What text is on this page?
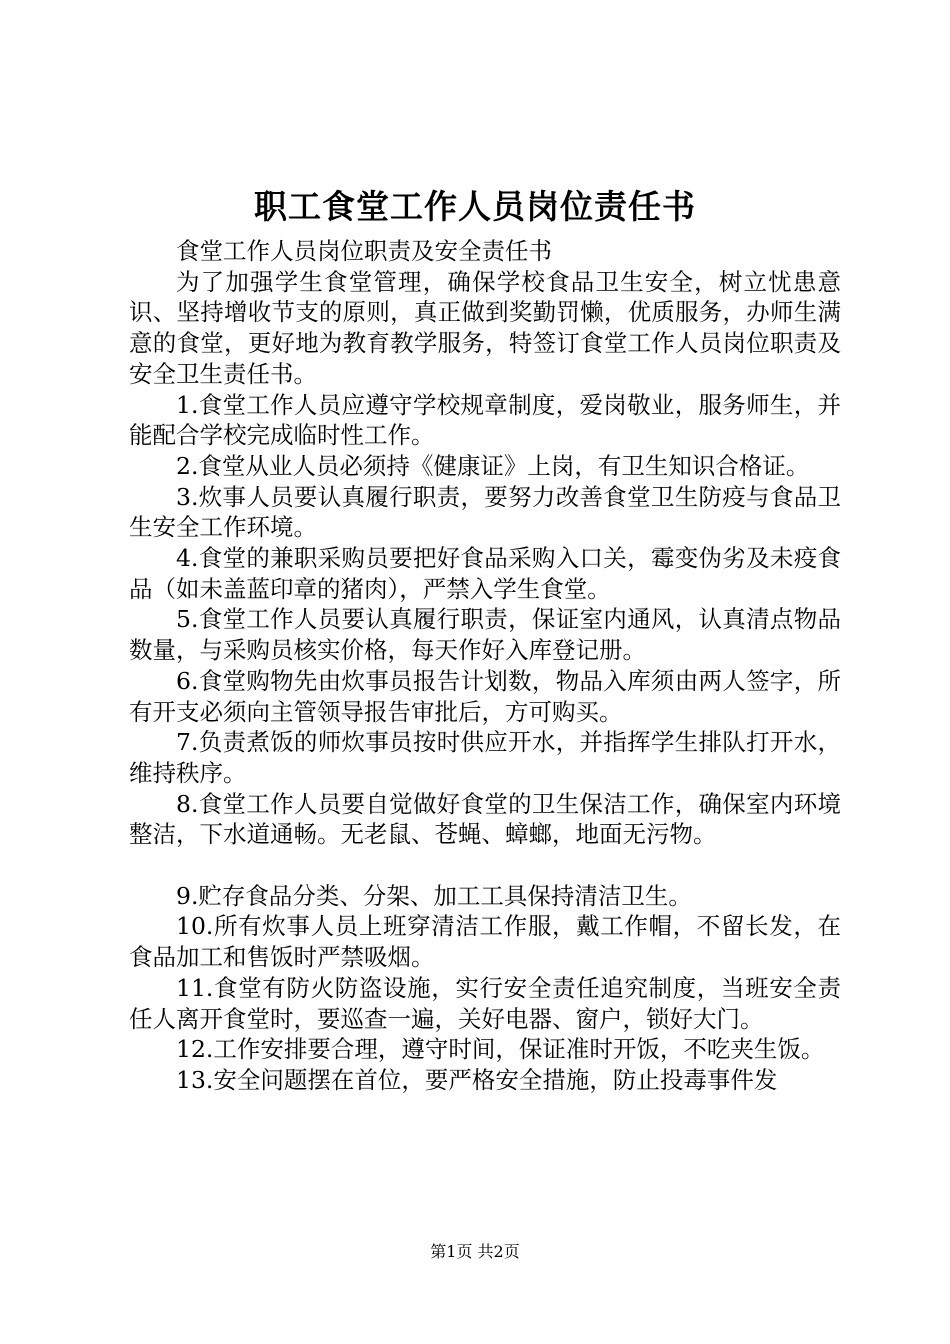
职工食堂工作人员岗位责任书

食堂工作人员岗位职责及安全责任书

为了加强学生食堂管理，确保学校食品卫生安全，树立忧患意识、坚持增收节支的原则，真正做到奖勤罚懒，优质服务，办师生满意的食堂，更好地为教育教学服务，特签订食堂工作人员岗位职责及安全卫生责任书。

1.食堂工作人员应遵守学校规章制度，爱岗敬业，服务师生，并能配合学校完成临时性工作。

2.食堂从业人员必须持《健康证》上岗，有卫生知识合格证。

3.炊事人员要认真履行职责，要努力改善食堂卫生防疫与食品卫生安全工作环境。

4.食堂的兼职采购员要把好食品采购入口关，霉变伪劣及未疫食品（如未盖蓝印章的猪肉），严禁入学生食堂。

5.食堂工作人员要认真履行职责，保证室内通风，认真清点物品数量，与采购员核实价格，每天作好入库登记册。

6.食堂购物先由炊事员报告计划数，物品入库须由两人签字，所有开支必须向主管领导报告审批后，方可购买。

7.负责煮饭的师炊事员按时供应开水，并指挥学生排队打开水，维持秩序。

8.食堂工作人员要自觉做好食堂的卫生保洁工作，确保室内环境整洁，下水道通畅。无老鼠、苍蝇、蟑螂，地面无污物。

9.贮存食品分类、分架、加工工具保持清洁卫生。

10.所有炊事人员上班穿清洁工作服，戴工作帽，不留长发，在食品加工和售饭时严禁吸烟。

11.食堂有防火防盗设施，实行安全责任追究制度，当班安全责任人离开食堂时，要巡查一遍，关好电器、窗户，锁好大门。

12.工作安排要合理，遵守时间，保证准时开饭，不吃夹生饭。

13.安全问题摆在首位，要严格安全措施，防止投毒事件发

第1页 共2页
